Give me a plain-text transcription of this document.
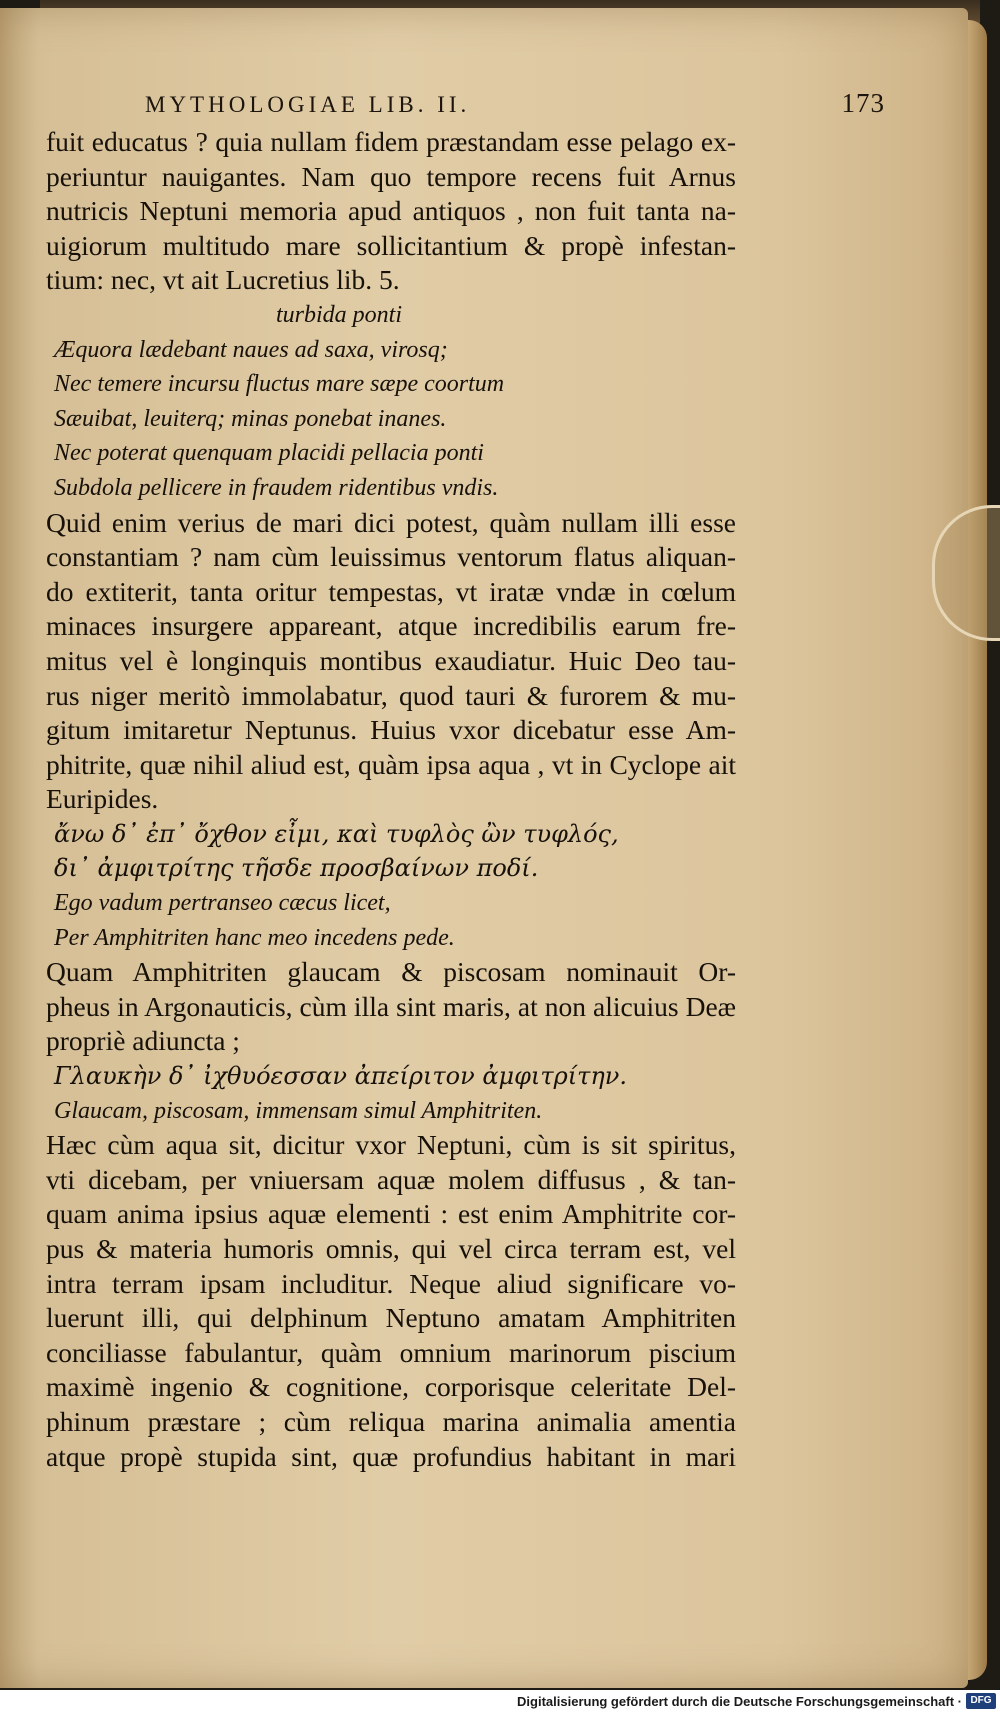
MYTHOLOGIAE LIB. II.	173
fuit educatus ? quia nullam fidem præstandam esse pelago ex-
periuntur nauigantes. Nam quo tempore recens fuit Arnus
nutricis Neptuni memoria apud antiquos , non fuit tanta na-
uigiorum multitudo mare sollicitantium & propè infestan-
tium: nec, vt ait Lucretius lib. 5.
turbida ponti
Æquora lædebant naues ad saxa, virosq;
Nec temere incursu fluctus mare sæpe coortum
Sæuibat, leuiterq; minas ponebat inanes.
Nec poterat quenquam placidi pellacia ponti
Subdola pellicere in fraudem ridentibus vndis.
Quid enim verius de mari dici potest, quàm nullam illi esse
constantiam ? nam cùm leuissimus ventorum flatus aliquan-
do extiterit, tanta oritur tempestas, vt iratæ vndæ in cœlum
minaces insurgere appareant, atque incredibilis earum fre-
mitus vel è longinquis montibus exaudiatur. Huic Deo tau-
rus niger meritò immolabatur, quod tauri & furorem & mu-
gitum imitaretur Neptunus. Huius vxor dicebatur esse Am-
phitrite, quæ nihil aliud est, quàm ipsa aqua , vt in Cyclope ait
Euripides.
ἄνω δ᾽ ἐπ᾽ ὄχθον εἶμι, καὶ τυφλὸς ὢν τυφλός,
δι᾽ ἀμφιτρίτης τῆσδε προσβαίνων ποδί.
Ego vadum pertranseo cæcus licet,
Per Amphitriten hanc meo incedens pede.
Quam Amphitriten glaucam & piscosam nominauit Or-
pheus in Argonauticis, cùm illa sint maris, at non alicuius Deæ
propriè adiuncta ;
Γλαυκὴν δ᾽ ἰχθυόεσσαν ἀπείριτον ἀμφιτρίτην.
Glaucam, piscosam, immensam simul Amphitriten.
Hæc cùm aqua sit, dicitur vxor Neptuni, cùm is sit spiritus,
vti dicebam, per vniuersam aquæ molem diffusus , & tan-
quam anima ipsius aquæ elementi : est enim Amphitrite cor-
pus & materia humoris omnis, qui vel circa terram est, vel
intra terram ipsam includitur. Neque aliud significare vo-
luerunt illi, qui delphinum Neptuno amatam Amphitriten
conciliasse fabulantur, quàm omnium marinorum piscium
maximè ingenio & cognitione, corporisque celeritate Del-
phinum præstare ; cùm reliqua marina animalia amentia
atque propè stupida sint, quæ profundius habitant in mari
Digitalisierung gefördert durch die Deutsche Forschungsgemeinschaft · DFG
